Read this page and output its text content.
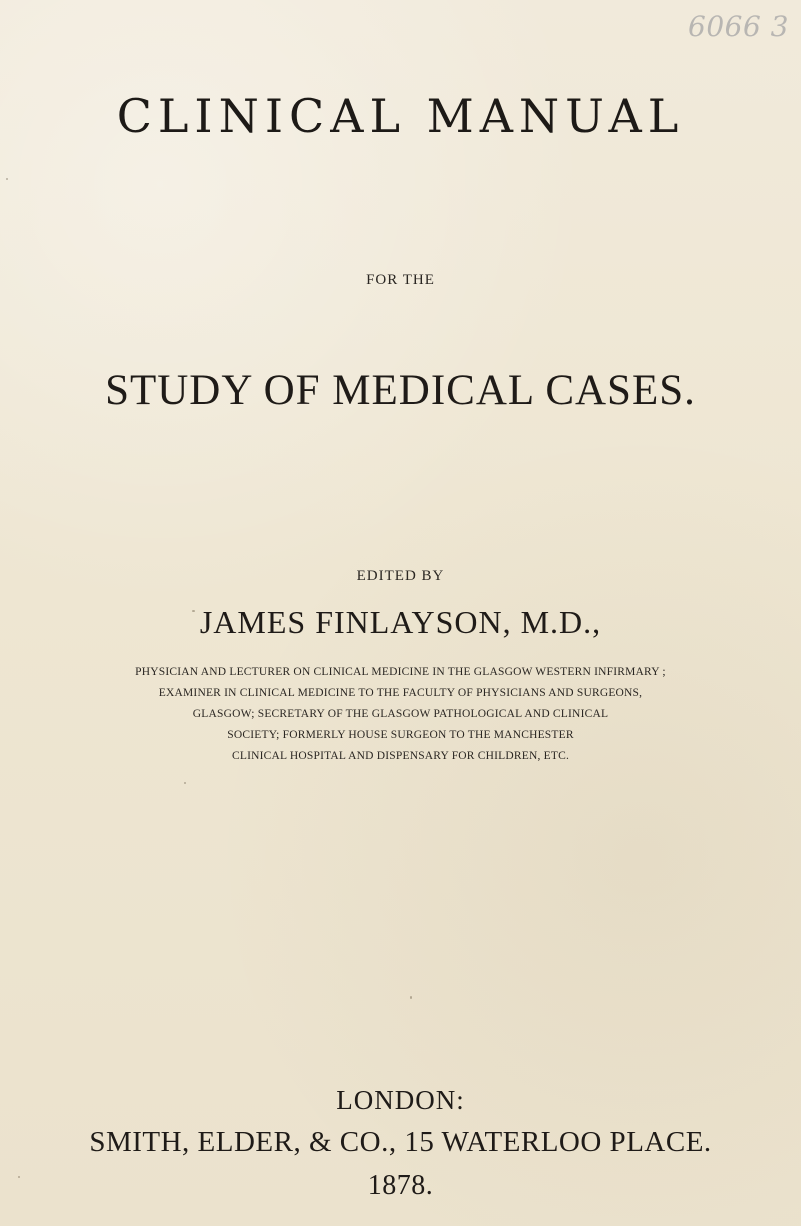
6066 3
CLINICAL MANUAL
FOR THE
STUDY OF MEDICAL CASES.
EDITED BY
JAMES FINLAYSON, M.D.,
PHYSICIAN AND LECTURER ON CLINICAL MEDICINE IN THE GLASGOW WESTERN INFIRMARY ;
EXAMINER IN CLINICAL MEDICINE TO THE FACULTY OF PHYSICIANS AND SURGEONS,
GLASGOW; SECRETARY OF THE GLASGOW PATHOLOGICAL AND CLINICAL
SOCIETY; FORMERLY HOUSE SURGEON TO THE MANCHESTER
CLINICAL HOSPITAL AND DISPENSARY FOR CHILDREN, ETC.
LONDON:
SMITH, ELDER, & CO., 15 WATERLOO PLACE.
1878.
